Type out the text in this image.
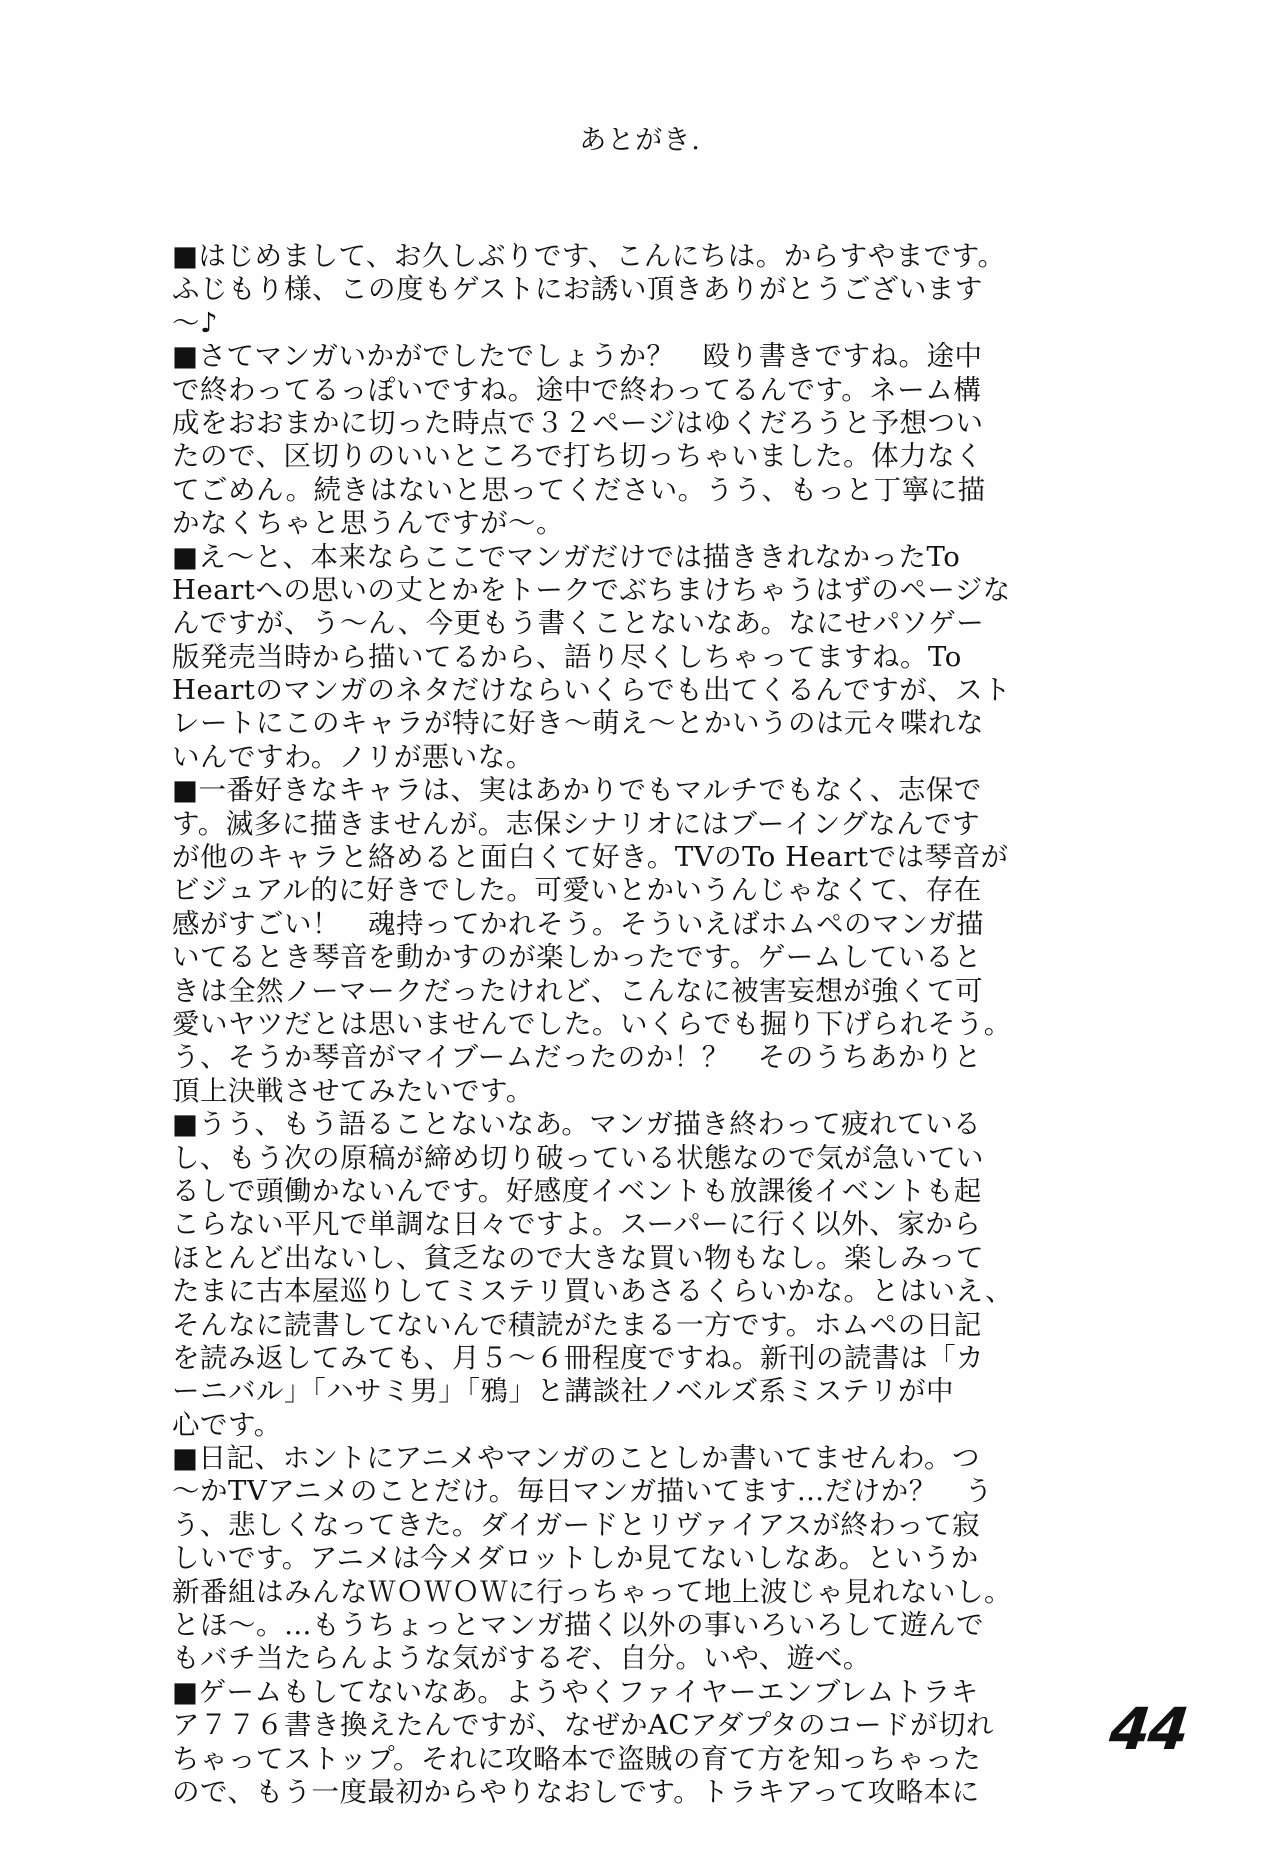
あとがき.
■はじめまして、お久しぶりです、こんにちは。からすやまです。
ふじもり様、この度もゲストにお誘い頂きありがとうございます
～♪
■さてマンガいかがでしたでしょうか？　殴り書きですね。途中
で終わってるっぽいですね。途中で終わってるんです。ネーム構
成をおおまかに切った時点で３２ページはゆくだろうと予想つい
たので、区切りのいいところで打ち切っちゃいました。体力なく
てごめん。続きはないと思ってください。うう、もっと丁寧に描
かなくちゃと思うんですが～。
■え～と、本来ならここでマンガだけでは描ききれなかったTo
Heartへの思いの丈とかをトークでぶちまけちゃうはずのページな
んですが、う～ん、今更もう書くことないなあ。なにせパソゲー
版発売当時から描いてるから、語り尽くしちゃってますね。To
Heartのマンガのネタだけならいくらでも出てくるんですが、スト
レートにこのキャラが特に好き～萌え～とかいうのは元々喋れな
いんですわ。ノリが悪いな。
■一番好きなキャラは、実はあかりでもマルチでもなく、志保で
す。滅多に描きませんが。志保シナリオにはブーイングなんです
が他のキャラと絡めると面白くて好き。TVのTo Heartでは琴音が
ビジュアル的に好きでした。可愛いとかいうんじゃなくて、存在
感がすごい！　魂持ってかれそう。そういえばホムペのマンガ描
いてるとき琴音を動かすのが楽しかったです。ゲームしていると
きは全然ノーマークだったけれど、こんなに被害妄想が強くて可
愛いヤツだとは思いませんでした。いくらでも掘り下げられそう。
う、そうか琴音がマイブームだったのか！？　そのうちあかりと
頂上決戦させてみたいです。
■うう、もう語ることないなあ。マンガ描き終わって疲れている
し、もう次の原稿が締め切り破っている状態なので気が急いてい
るしで頭働かないんです。好感度イベントも放課後イベントも起
こらない平凡で単調な日々ですよ。スーパーに行く以外、家から
ほとんど出ないし、貧乏なので大きな買い物もなし。楽しみって
たまに古本屋巡りしてミステリ買いあさるくらいかな。とはいえ、
そんなに読書してないんで積読がたまる一方です。ホムペの日記
を読み返してみても、月５～６冊程度ですね。新刊の読書は「カ
ーニバル」「ハサミ男」「鴉」と講談社ノベルズ系ミステリが中
心です。
■日記、ホントにアニメやマンガのことしか書いてませんわ。つ
～かTVアニメのことだけ。毎日マンガ描いてます…だけか？　う
う、悲しくなってきた。ダイガードとリヴァイアスが終わって寂
しいです。アニメは今メダロットしか見てないしなあ。というか
新番組はみんなＷＯＷＯＷに行っちゃって地上波じゃ見れないし。
とほ～。…もうちょっとマンガ描く以外の事いろいろして遊んで
もバチ当たらんような気がするぞ、自分。いや、遊べ。
■ゲームもしてないなあ。ようやくファイヤーエンブレムトラキ
ア７７６書き換えたんですが、なぜかACアダプタのコードが切れ
ちゃってストップ。それに攻略本で盗賊の育て方を知っちゃった
ので、もう一度最初からやりなおしです。トラキアって攻略本に
44
